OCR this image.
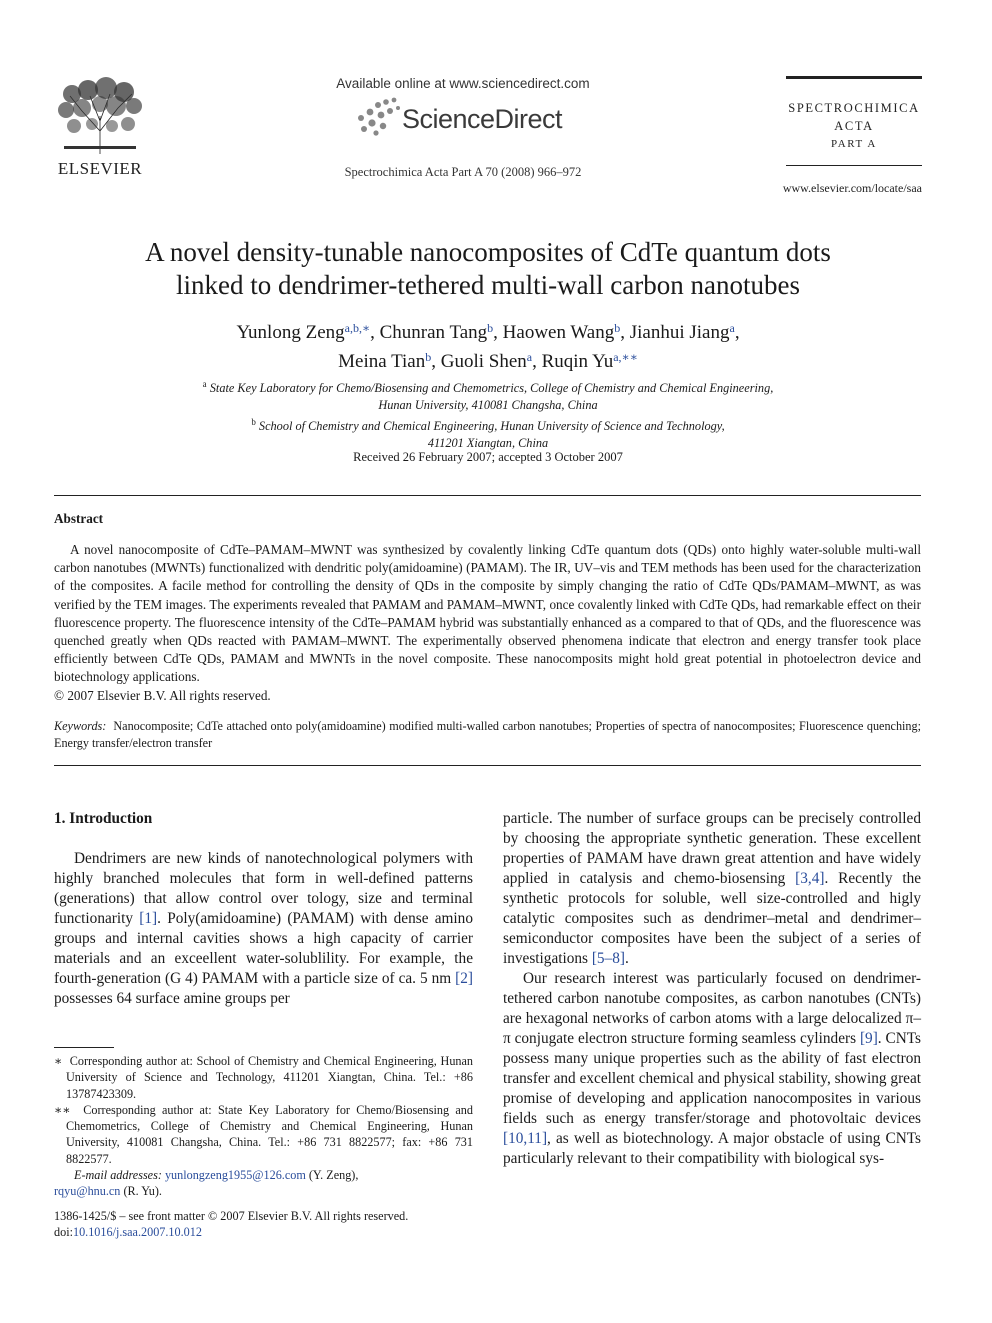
ELSEVIER
Available online at www.sciencedirect.com
ScienceDirect
Spectrochimica Acta Part A 70 (2008) 966–972
SPECTROCHIMICA
ACTA
PART A
www.elsevier.com/locate/saa
A novel density-tunable nanocomposites of CdTe quantum dots
linked to dendrimer-tethered multi-wall carbon nanotubes
Yunlong Zeng$^{a,b,∗}$, Chunran Tang$^b$, Haowen Wang$^b$, Jianhui Jiang$^a$,
Meina Tian$^b$, Guoli Shen$^a$, Ruqin $Yu^{a,∗∗}$
$^a$ State Key Laboratory for Chemo/Biosensing and Chemometrics, College of Chemistry and Chemical Engineering,
Hunan University, 410081 Changsha, China
$^b$ School of Chemistry and Chemical Engineering, Hunan University of Science and Technology,
411201 Xiangtan, China
Received 26 February 2007; accepted 3 October 2007
Abstract
A novel nanocomposite of CdTe–PAMAM–MWNT was synthesized by covalently linking CdTe quantum dots (QDs) onto highly water-soluble multi-wall carbon nanotubes (MWNTs) functionalized with dendritic poly(amidoamine) (PAMAM). The IR, UV–vis and TEM methods has been used for the characterization of the composites. A facile method for controlling the density of QDs in the composite by simply changing the ratio of CdTe QDs/PAMAM–MWNT, as was verified by the TEM images. The experiments revealed that PAMAM and PAMAM–MWNT, once covalently linked with CdTe QDs, had remarkable effect on their fluorescence property. The fluorescence intensity of the CdTe–PAMAM hybrid was substantially enhanced as a compared to that of QDs, and the fluorescence was quenched greatly when QDs reacted with PAMAM–MWNT. The experimentally observed phenomena indicate that electron and energy transfer took place efficiently between CdTe QDs, PAMAM and MWNTs in the novel composite. These nanocomposits might hold great potential in photoelectron device and biotechnology applications.
© 2007 Elsevier B.V. All rights reserved.
Keywords: Nanocomposite; CdTe attached onto poly(amidoamine) modified multi-walled carbon nanotubes; Properties of spectra of nanocomposites; Fluorescence quenching; Energy transfer/electron transfer
1. Introduction

Dendrimers are new kinds of nanotechnological polymers with highly branched molecules that form in well-defined patterns (generations) that allow control over tology, size and terminal functionarity [1]. Poly(amidoamine) (PAMAM) with dense amino groups and internal cavities shows a high capacity of carrier materials and an exceellent water-solublility. For example, the fourth-generation (G 4) PAMAM with a particle size of ca. 5 nm [2] possesses 64 surface amine groups per

particle. The number of surface groups can be precisely controlled by choosing the appropriate synthetic generation. These excellent properties of PAMAM have drawn great attention and have widely applied in catalysis and chemo-biosensing [3,4]. Recently the synthetic protocols for soluble, well size-controlled and higly catalytic composites such as dendrimer–metal and dendrimer–semiconductor composites have been the subject of a series of investigations [5–8].

Our research interest was particularly focused on dendrimer-tethered carbon nanotube composites, as carbon nanotubes (CNTs) are hexagonal networks of carbon atoms with a large delocalized π–π conjugate electron structure forming seamless cylinders [9]. CNTs possess many unique properties such as the ability of fast electron transfer and excellent chemical and physical stability, showing great promise of developing and application nanocomposites in various fields such as energy transfer/storage and photovoltaic devices [10,11], as well as biotechnology. A major obstacle of using CNTs particularly relevant to their compatibility with biological sys-

∗ Corresponding author at: School of Chemistry and Chemical Engineering, Hunan University of Science and Technology, 411201 Xiangtan, China. Tel.: +86 13787423309.

∗∗ Corresponding author at: State Key Laboratory for Chemo/Biosensing and Chemometrics, College of Chemistry and Chemical Engineering, Hunan University, 410081 Changsha, China. Tel.: +86 731 8822577; fax: +86 731 8822577.

E-mail addresses: yunlongzeng1955@126.com (Y. Zeng),

rqyu@hnu.cn (R. Yu).

1386-1425/$ – see front matter © 2007 Elsevier B.V. All rights reserved.
doi:10.1016/j.saa.2007.10.012
